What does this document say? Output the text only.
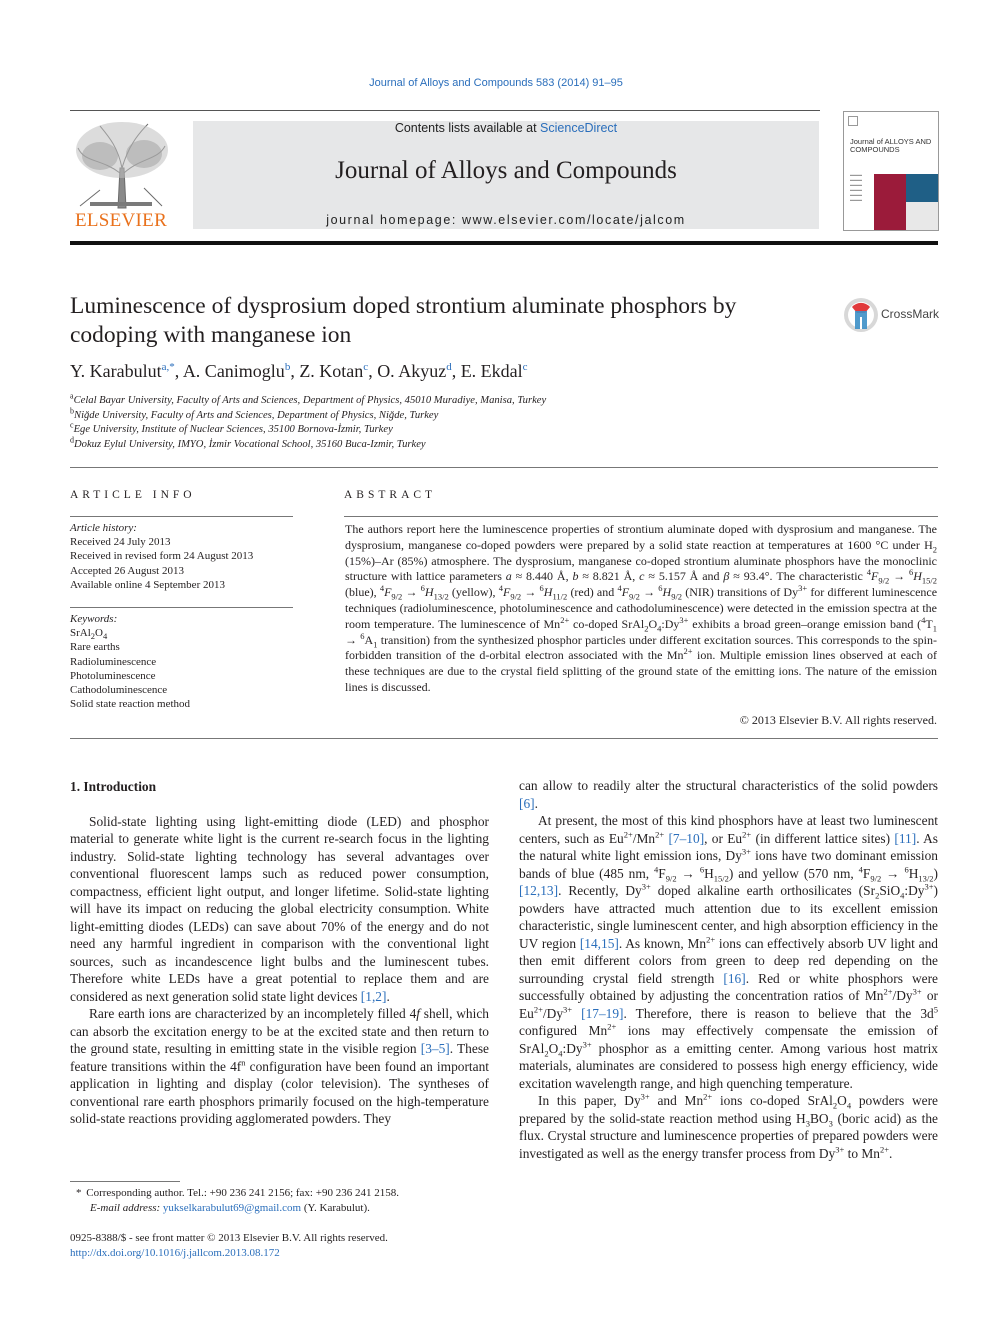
Journal of Alloys and Compounds 583 (2014) 91–95
ELSEVIER
Contents lists available at ScienceDirect
Journal of Alloys and Compounds
journal homepage: www.elsevier.com/locate/jalcom
Journal of ALLOYS AND COMPOUNDS
▬▬▬
▬▬▬
▬▬▬
▬▬▬
▬▬▬
▬▬▬
Luminescence of dysprosium doped strontium aluminate phosphors by codoping with manganese ion
CrossMark
Y. Karabulut$^{a,*}$, A. Canimoglu$^b$, Z. Kotan$^c$, O. Akyuz$^d$, E. Ekdal$^c$
$^a$Celal Bayar University, Faculty of Arts and Sciences, Department of Physics, 45010 Muradiye, Manisa, Turkey
$^b$Niğde University, Faculty of Arts and Sciences, Department of Physics, Niğde, Turkey
$^c$Ege University, Institute of Nuclear Sciences, 35100 Bornova-İzmir, Turkey
$^d$Dokuz Eylul University, IMYO, İzmir Vocational School, 35160 Buca-Izmir, Turkey
ARTICLE INFO	ABSTRACT
Article history:
Received 24 July 2013
Received in revised form 24 August 2013
Accepted 26 August 2013
Available online 4 September 2013
Keywords:
$SrAl_2O_4$
Rare earths
Radioluminescence
Photoluminescence
Cathodoluminescence
Solid state reaction method
The authors report here the luminescence properties of strontium aluminate doped with dysprosium and manganese. The dysprosium, manganese co-doped powders were prepared by a solid state reaction at temperatures at 1600 °C under $H_2$ (15%)–Ar (85%) atmosphere. The dysprosium, manganese co-doped strontium aluminate phosphors have the monoclinic structure with lattice parameters a ≈ 8.440 Å, b ≈ 8.821 Å, c ≈ 5.157 Å and β ≈ 93.4°. The characteristic $^4F_{9/2} \to ^6H_{15/2}$ (blue), $^4F_{9/2} \to ^6H_{13/2}$ (yellow), $^4F_{9/2} \to ^6H_{11/2}$ (red) and $^4F_{9/2} \to ^6H_{9/2}$ (NIR) transitions of $Dy^{3+}$ for different luminescence techniques (radioluminescence, photoluminescence and cathodoluminescence) were detected in the emission spectra at the room temperature. The luminescence of $Mn^{2+}$ co-doped $SrAl_2O_4:Dy^{3+}$ exhibits a broad green–orange emission band ($^4T_1 \to ^6A_1$ transition) from the synthesized phosphor particles under different excitation sources. This corresponds to the spin-forbidden transition of the d-orbital electron associated with the $Mn^{2+}$ ion. Multiple emission lines observed at each of these techniques are due to the crystal field splitting of the ground state of the emitting ions. The nature of the emission lines is discussed.
© 2013 Elsevier B.V. All rights reserved.

1. Introduction

Solid-state lighting using light-emitting diode (LED) and phosphor material to generate white light is the current re-search focus in the lighting industry. Solid-state lighting technology has several advantages over conventional fluorescent lamps such as reduced power consumption, compactness, efficient light output, and longer lifetime. Solid-state lighting will have its impact on reducing the global electricity consumption. White light-emitting diodes (LEDs) can save about 70% of the energy and do not need any harmful ingredient in comparison with the conventional light sources, such as incandescence light bulbs and the luminescent tubes. Therefore white LEDs have a great potential to replace them and are considered as next generation solid state light devices [1,2].

Rare earth ions are characterized by an incompletely filled 4f shell, which can absorb the excitation energy to be at the excited state and then return to the ground state, resulting in emitting state in the visible region [3–5]. These feature transitions within the $4f^n$ configuration have been found an important application in lighting and display (color television). The syntheses of conventional rare earth phosphors primarily focused on the high-temperature solid-state reactions providing agglomerated powders. They

can allow to readily alter the structural characteristics of the solid powders [6].

At present, the most of this kind phosphors have at least two luminescent centers, such as $Eu^{2+}/Mn^{2+}$ [7–10], or $Eu^{2+}$ (in different lattice sites) [11]. As the natural white light emission ions, $Dy^{3+}$ ions have two dominant emission bands of blue (485 nm, $^4F_{9/2} \to ^6H_{15/2}$) and yellow (570 nm, $^4F_{9/2} \to ^6H_{13/2}$) [12,13]. Recently, $Dy^{3+}$ doped alkaline earth orthosilicates $(Sr_2SiO_4:Dy^{3+})$ powders have attracted much attention due to its excellent emission characteristic, single luminescent center, and high absorption efficiency in the UV region [14,15]. As known, $Mn^{2+}$ ions can effectively absorb UV light and then emit different colors from green to deep red depending on the surrounding crystal field strength [16]. Red or white phosphors were successfully obtained by adjusting the concentration ratios of $Mn^{2+}/Dy^{3+}$ or $Eu^{2+}/Dy^{3+}$ [17–19]. Therefore, there is reason to believe that the $3d^5$ configured $Mn^{2+}$ ions may effectively compensate the emission of $SrAl_2O_4:Dy^{3+}$ phosphor as a emitting center. Among various host matrix materials, aluminates are considered to possess high energy efficiency, wide excitation wavelength range, and high quenching temperature.

In this paper, $Dy^{3+}$ and $Mn^{2+}$ ions co-doped $SrAl_2O_4$ powders were prepared by the solid-state reaction method using $H_3BO_3$ (boric acid) as the flux. Crystal structure and luminescence properties of prepared powders were investigated as well as the energy transfer process from $Dy^{3+}$ to $Mn^{2+}$.

* Corresponding author. Tel.: +90 236 241 2156; fax: +90 236 241 2158.
E-mail address: yukselkarabulut69@gmail.com (Y. Karabulut).
0925-8388/$ - see front matter © 2013 Elsevier B.V. All rights reserved.
http://dx.doi.org/10.1016/j.jallcom.2013.08.172
